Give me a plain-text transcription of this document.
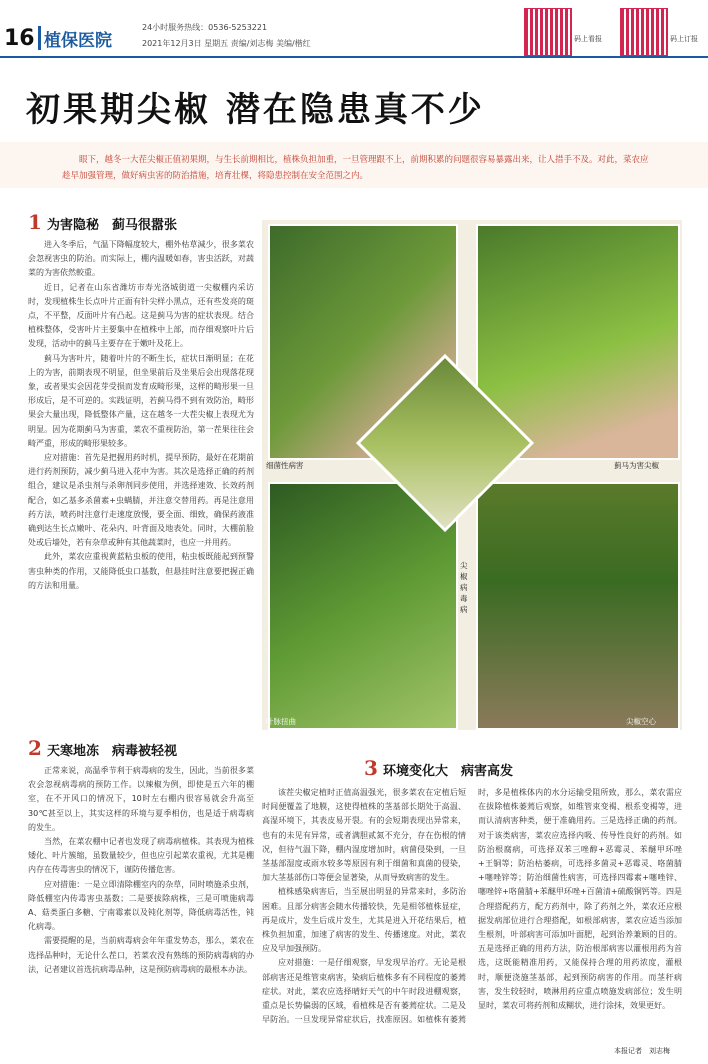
16 植保医院
24小时服务热线：0536-5253221
2021年12月3日 星期五 责编/刘志梅 美编/楷红	码上看报	码上订报
初果期尖椒 潜在隐患真不少
眼下，越冬一大茬尖椒正值初果期，与生长前期相比，植株负担加重，一旦管理跟不上，前期积累的问题很容易暴露出来，让人措手不及。对此，菜农应趁早加强管理，做好病虫害的防治措施，培育壮棵，将隐患控制在安全范围之内。
1 为害隐秘　蓟马很嚣张

进入冬季后，气温下降幅度较大，棚外枯草減少，很多菜农会忽视害虫的防治。而实际上，棚内温暖如春，害虫活跃，对蔬菜的为害依然較重。

近日，记者在山东省潍坊市寿光洛城街道一尖椒棚内采访时，发现植株生长点叶片正面有针尖样小黑点，还有些发亮的斑点，不平整，反面叶片有凸起。这是蓟马为害的症状表现。结合植株整体，受害叶片主要集中在植株中上部，而存细观察叶片后发现，活动中的蓟马主要存在于嫩叶及花上。

蓟马为害叶片，随着叶片的不断生长，症状日渐明显；在花上的为害，前期表现不明显，但坐果前后及坐果后会出现落花现象，或者果实会因花芽受损而发育成畸形果，这样的畸形果一旦形成后，是不可逆的。实践证明，若蓟马得不到有效防治，畸形果会大量出现，降低整体产量，这在越冬一大茬尖椒上表现尤为明显。因为花期蓟马为害重，菜农不重视防治，第一茬果往往会畸严重，形成的畸形果较多。

应对措施：首先是把握用药时机，提早预防，最好在花期前进行药剂预防，减少蓟马进入花中为害。其次是选择正确的药剂组合，建议是杀虫剂与杀卵剂同步使用，并选择速效、长效药剂配合，如乙基多杀菌素+虫螨腈，并注意交替用药。再是注意用药方法，喷药时注意行走速度放慢，要全面、细致，确保药液准确到达生长点嫩叶、花朵内、叶背面及地表处。同时，大棚前脸处或后墙处，若有杂草或种有其他蔬菜时，也应一并用药。

此外，菜农应重视黄蓝粘虫板的使用，粘虫板既能起到预警害虫种类的作用，又能降低虫口基数，但悬挂时注意要把握正确的方法和用量。

细菌性病害	蓟马为害尖椒
尖椒病毒病
叶脉扭曲	尖椒空心
2 天寒地冻　病毒被轻视

正常来说，高温季节利于病毒病的发生，因此，当前很多菜农会忽视病毒病的预防工作。以辣椒为例，即使是五六年的棚室，在不开风口的情况下，10时左右棚内很容易就会升高至30℃甚至以上，其实这样的环境与夏季相仿，也是适于病毒病的发生。

当然，在菜农棚中记者也发现了病毒病植株。其表现为植株矮化、叶片簇缩，虽数量较少，但也应引起菜农重视，尤其是棚内存在传毒害虫的情况下，谨防传播危害。

应对措施：一是立即清除棚室内的杂草，同时喷施杀虫剂，降低棚室内传毒害虫基数；二是要拔除病株，三是可喷施病毒A、菇类蛋白多糖、宁南霉素以及钝化剂等，降低病毒活性，钝化病毒。

需要提醒的是，当前病毒病会年年重发势态，那么，菜农在选择品种时，无论什么茬口，若菜农没有熟练的预防病毒病的办法，记者建议首选抗病毒品种，这是预防病毒病的最根本办法。

3 环境变化大　病害高发

该茬尖椒定植时正值高温强光，很多菜农在定植后短时间便覆盖了地膜，这使得植株的茎基部长期处于高温、高湿环境下，其表皮易开裂。有的会短期表现出异常来，也有的未见有异常，或者满胆贰氮不充分，存在伤根的情况，但待气温下降，棚内湿度增加时，病菌侵染到，一旦茎基部湿度或雨水较多等原因有利于细菌和真菌的侵染，加大茎基部伤口等便会显著染，从而导致病害的发生。

植株感染病害后，当至展出明显的异常来时，多防治困难。且部分病害会随水传播较快，先是相邻植株显症，再是成片，发生后成片发生，尤其是进入开花结果后，植株负担加重，加速了病害的发生、传播速度。对此，菜农应及早加强预防。

应对措施：一是仔细观察，早发现早治疗。无论是根部病害还是维管束病害，染病后植株多有不同程度的萎蔫症状。对此，菜农应选择晴好天气的中午时段进棚观察，重点是长势偏弱的区域，看植株是否有萎蔫症状。二是及早防治。一旦发现异常症状后，找准原因。如植株有萎蔫时，多是植株体内的水分运输受阻所致，那么，菜农需应在拔除植株萎蔫后观察，如维管束变褐、根系变褐等，进而认清病害种类，便于准确用药。三是选择正确的药剂。对于该类病害，菜农应选择内吸、传导性良好的药剂。如防治根腐病，可选择双苯三唑醇+恶霉灵、苯醚甲环唑+王铜等；防治枯萎病，可选择多菌灵+恶霉灵、咯菌腈+噻唑锌等；防治细菌性病害，可选择四霉素+噻唑锌、噻唑锌+咯菌腈+苯醚甲环唑+百菌清+硫酸铜钙等。四是合理搭配药方，配方药剂中，除了药剂之外，菜农还应根据发病部位进行合理搭配，如根部病害，菜农应适当添加生根剂，叶部病害可添加叶面肥，起到治养兼顾的目的。五是选择正确的用药方法，防治根部病害以灌根用药为首选，这既能精准用药，又能保持合理的用药浓度，灌根时，顺便浇施茎基部，起到预防病害的作用。而茎秆病害，发生较轻时，喷淋用药应重点喷施发病部位；发生明显时，菜农可将药剂和成糊状，进行涂抹，效果更好。

本报记者　刘志梅
